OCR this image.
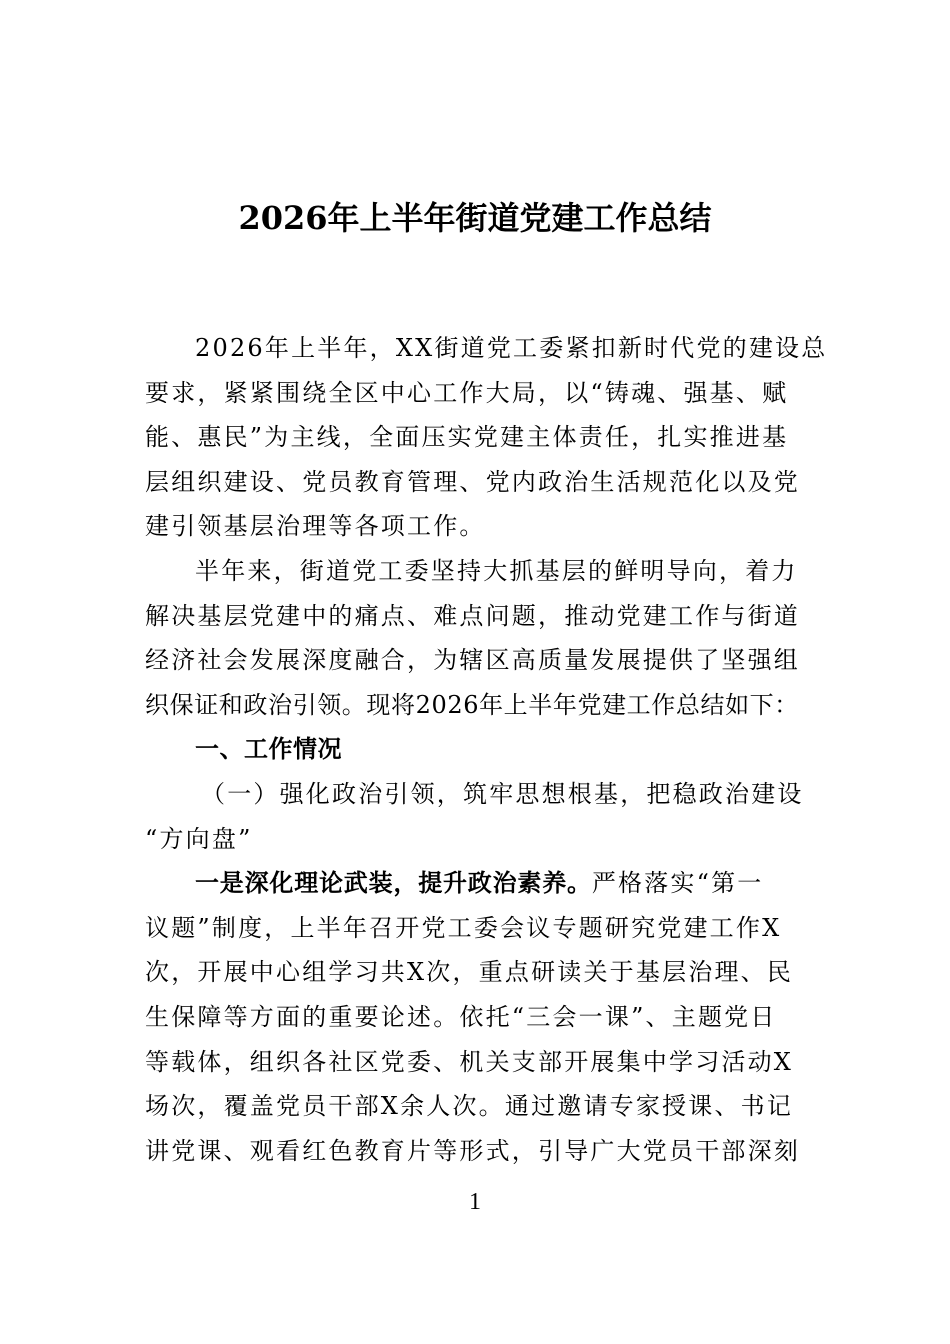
2026年上半年街道党建工作总结
2026年上半年，XX街道党工委紧扣新时代党的建设总
要求，紧紧围绕全区中心工作大局，以“铸魂、强基、赋
能、惠民”为主线，全面压实党建主体责任，扎实推进基
层组织建设、党员教育管理、党内政治生活规范化以及党
建引领基层治理等各项工作。
半年来，街道党工委坚持大抓基层的鲜明导向，着力
解决基层党建中的痛点、难点问题，推动党建工作与街道
经济社会发展深度融合，为辖区高质量发展提供了坚强组
织保证和政治引领。现将2026年上半年党建工作总结如下：
一、工作情况
（一）强化政治引领，筑牢思想根基，把稳政治建设
“方向盘”
一是深化理论武装，提升政治素养。严格落实“第一
议题”制度，上半年召开党工委会议专题研究党建工作X
次，开展中心组学习共X次，重点研读关于基层治理、民
生保障等方面的重要论述。依托“三会一课”、主题党日
等载体，组织各社区党委、机关支部开展集中学习活动X
场次，覆盖党员干部X余人次。通过邀请专家授课、书记
讲党课、观看红色教育片等形式，引导广大党员干部深刻
1
